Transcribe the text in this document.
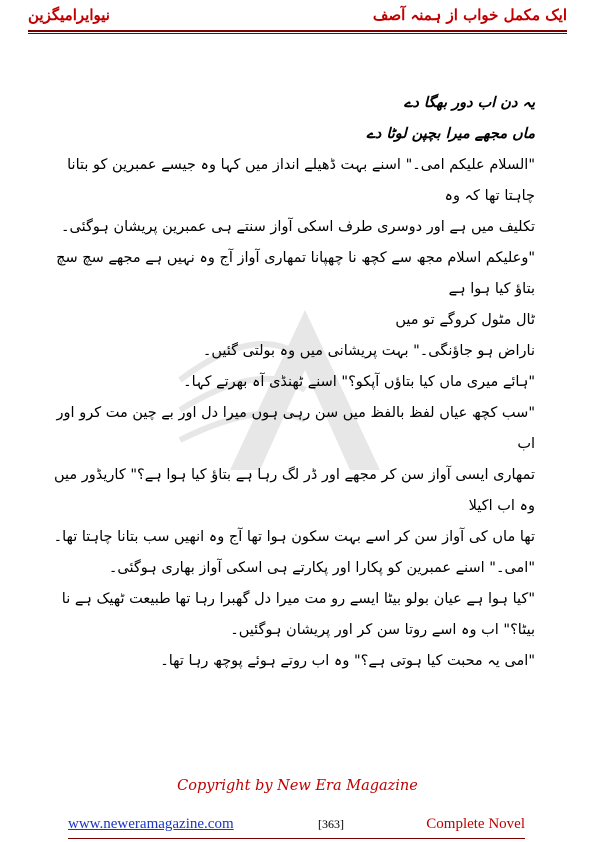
نیوایرامیگزین	ایک مکمل خواب از ہمنہ آصف

یہ دن اب دور بھگا دے

ماں مجھے میرا بچپن لوٹا دے

"السلام علیکم امی۔" اسنے بہت ڈھیلے انداز میں کہا وہ جیسے عمبرین کو بتانا چاہتا تھا کہ وہ

تکلیف میں ہے اور دوسری طرف اسکی آواز سنتے ہی عمبرین پریشان ہوگئی۔

"وعلیکم اسلام مجھ سے کچھ نا چھپانا تمھاری آواز آج وہ نہیں ہے مجھے سچ سچ بتاؤ کیا ہوا ہے

ٹال مٹول کروگے تو میں

ناراض ہو جاؤنگی۔" بہت پریشانی میں وہ بولتی گئیں۔

"ہائے میری ماں کیا بتاؤں آپکو؟" اسنے ٹھنڈی آہ بھرتے کہا۔

"سب کچھ عیاں لفظ بالفظ میں سن رہی ہوں میرا دل اور بے چین مت کرو اور اب

تمھاری ایسی آواز سن کر مجھے اور ڈر لگ رہا ہے بتاؤ کیا ہوا ہے؟" کاریڈور میں وہ اب اکیلا

تھا ماں کی آواز سن کر اسے بہت سکون ہوا تھا آج وہ انھیں سب بتانا چاہتا تھا۔

"امی۔" اسنے عمبرین کو پکارا اور پکارتے ہی اسکی آواز بھاری ہوگئی۔

"کیا ہوا ہے عیان بولو بیٹا ایسے رو مت میرا دل گھبرا رہا تھا طبیعت ٹھیک ہے نا

بیٹا؟" اب وہ اسے روتا سن کر اور پریشان ہوگئیں۔

"امی یہ محبت کیا ہوتی ہے؟" وہ اب روتے ہوئے پوچھ رہا تھا۔

Copyright by New Era Magazine
www.neweramagazine.com	[363]	Complete Novel
